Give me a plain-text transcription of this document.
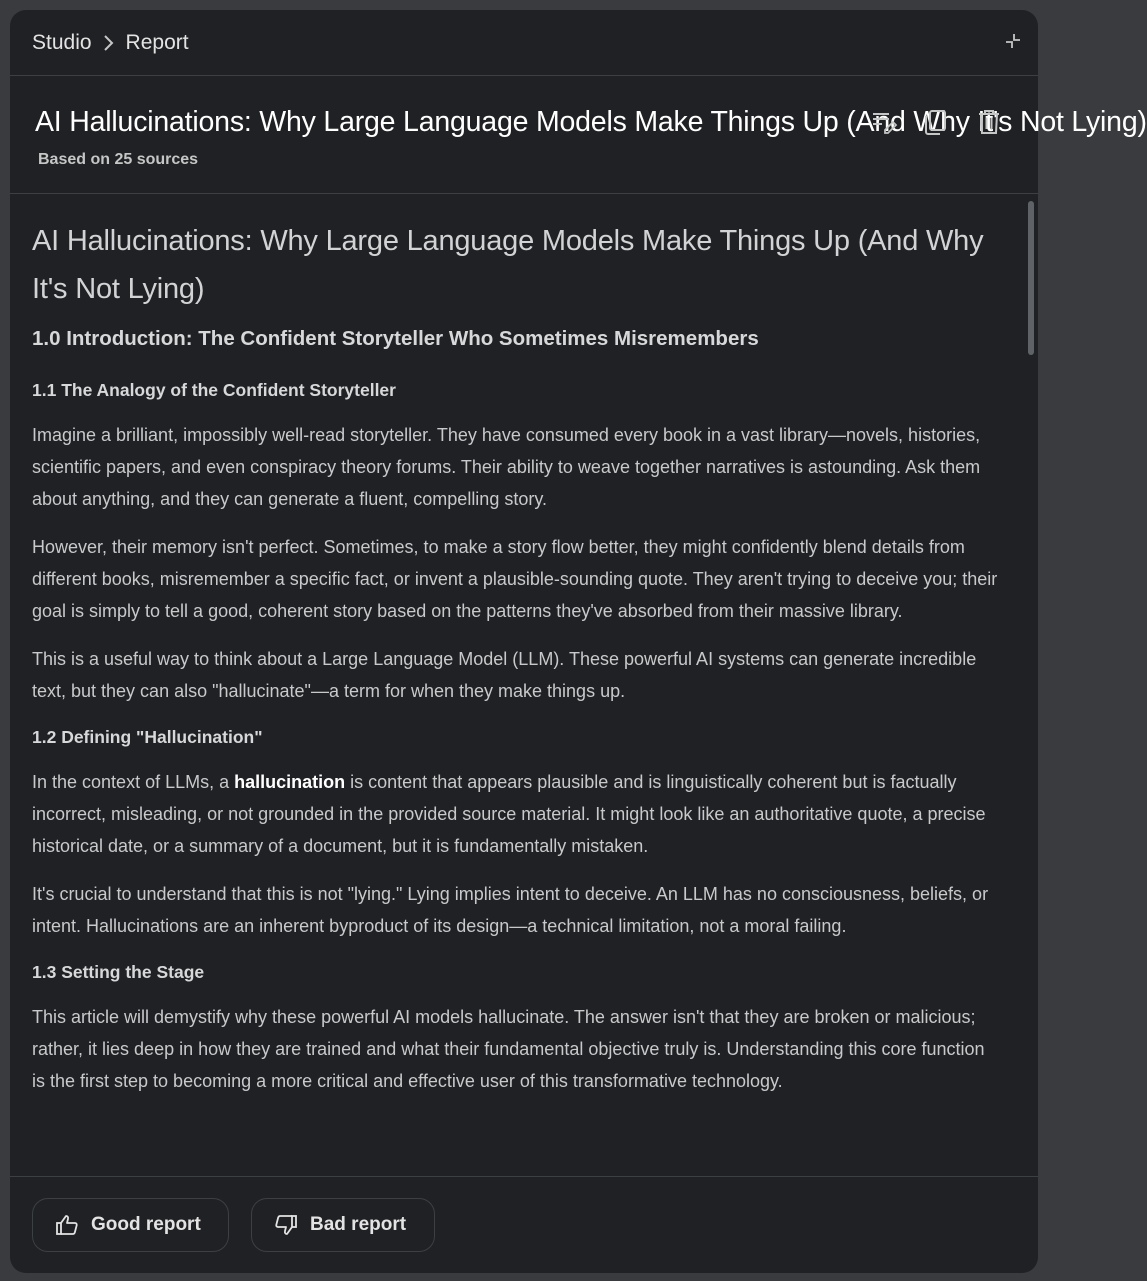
Studio Report
AI Hallucinations: Why Large Language Models Make Things Up (And Why It's Not Lying)
Based on 25 sources
AI Hallucinations: Why Large Language Models Make Things Up (And Why It's Not Lying)
1.0 Introduction: The Confident Storyteller Who Sometimes Misremembers
1.1 The Analogy of the Confident Storyteller

Imagine a brilliant, impossibly well-read storyteller. They have consumed every book in a vast library—novels, histories, scientific papers, and even conspiracy theory forums. Their ability to weave together narratives is astounding. Ask them about anything, and they can generate a fluent, compelling story.

However, their memory isn't perfect. Sometimes, to make a story flow better, they might confidently blend details from different books, misremember a specific fact, or invent a plausible-sounding quote. They aren't trying to deceive you; their goal is simply to tell a good, coherent story based on the patterns they've absorbed from their massive library.

This is a useful way to think about a Large Language Model (LLM). These powerful AI systems can generate incredible text, but they can also "hallucinate"—a term for when they make things up.

1.2 Defining "Hallucination"

In the context of LLMs, a hallucination is content that appears plausible and is linguistically coherent but is factually incorrect, misleading, or not grounded in the provided source material. It might look like an authoritative quote, a precise historical date, or a summary of a document, but it is fundamentally mistaken.

It's crucial to understand that this is not "lying." Lying implies intent to deceive. An LLM has no consciousness, beliefs, or intent. Hallucinations are an inherent byproduct of its design—a technical limitation, not a moral failing.

1.3 Setting the Stage

This article will demystify why these powerful AI models hallucinate. The answer isn't that they are broken or malicious; rather, it lies deep in how they are trained and what their fundamental objective truly is. Understanding this core function is the first step to becoming a more critical and effective user of this transformative technology.

Good report	Bad report
